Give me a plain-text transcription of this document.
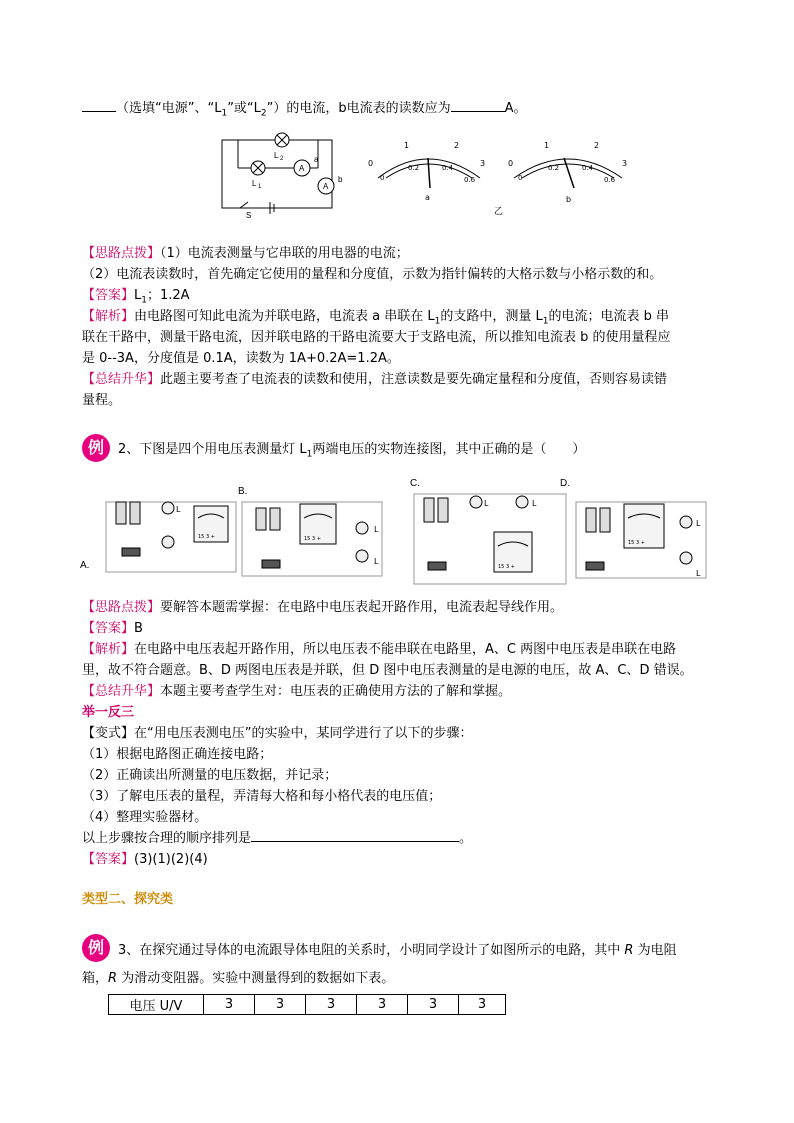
（选填“电源”、“$L_1$”或“$L_2$”）的电流，b电流表的读数应为	A。
L 2
L 1
a
b
S
A
A
0
1	2
3
0
0.2	0.4
0.6
a
0
1	2
3
0
0.2	0.4
0.6
b
乙
【思路点拨】（1）电流表测量与它串联的用电器的电流；
（2）电流表读数时，首先确定它使用的量程和分度值，示数为指针偏转的大格示数与小格示数的和。
【答案】$L_1$；1.2A
【解析】由电路图可知此电流为并联电路，电流表 a 串联在 $L_1$的支路中，测量 $L_1$的电流；电流表 b 串
联在干路中，测量干路电流，因并联电路的干路电流要大于支路电流，所以推知电流表 b 的使用量程应
是 0--3A，分度值是 0.1A，读数为 1A+0.2A=1.2A。
【总结升华】此题主要考查了电流表的读数和使用，注意读数是要先确定量程和分度值，否则容易读错
量程。
例	2、下图是四个用电压表测量灯 $L_1$两端电压的实物连接图，其中正确的是（　　）
A.
B.
C.	D.
L
15 3 +	15 3 +
L
L
15 3 +
L	L
15 3 +
L
L
【思路点拨】要解答本题需掌握：在电路中电压表起开路作用，电流表起导线作用。
【答案】B
【解析】在电路中电压表起开路作用，所以电压表不能串联在电路里，A、C 两图中电压表是串联在电路
里，故不符合题意。B、D 两图电压表是并联，但 D 图中电压表测量的是电源的电压，故 A、C、D 错误。
【总结升华】本题主要考查学生对：电压表的正确使用方法的了解和掌握。
举一反三
【变式】在“用电压表测电压”的实验中，某同学进行了以下的步骤：
（1）根据电路图正确连接电路；
（2）正确读出所测量的电压数据，并记录；
（3）了解电压表的量程，弄清每大格和每小格代表的电压值；
（4）整理实验器材。
以上步骤按合理的顺序排列是	。
【答案】(3)(1)(2)(4)
类型二、探究类
例	3、在探究通过导体的电流跟导体电阻的关系时，小明同学设计了如图所示的电路，其中 R 为电阻
箱，R 为滑动变阻器。实验中测量得到的数据如下表。
电压 U/V	3	3	3	3	3	3
